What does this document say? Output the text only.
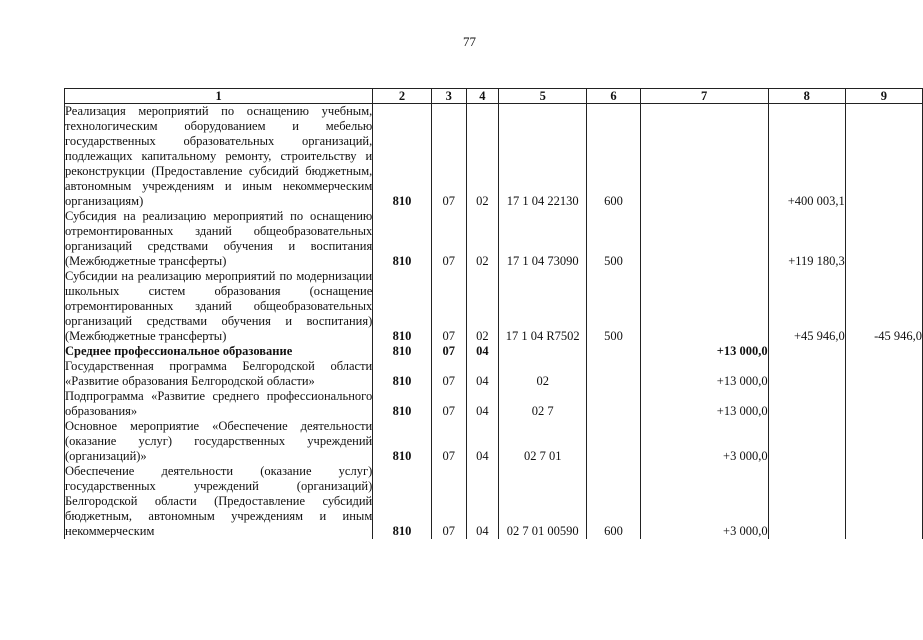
77
1	2	3	4	5	6	7	8	9
Реализация мероприятий по оснащению учебным, технологическим оборудованием и мебелью государственных образовательных организаций, подлежащих капитальному ремонту, строительству и реконструкции (Предоставление субсидий бюджетным, автономным учреждениям и иным некоммерческим организациям)	810	07	02	17 1 04 22130	600		+400 003,1	
Субсидия на реализацию мероприятий по оснащению отремонтированных зданий общеобразовательных организаций средствами обучения и воспитания (Межбюджетные трансферты)	810	07	02	17 1 04 73090	500		+119 180,3	
Субсидии на реализацию мероприятий по модернизации школьных систем образования (оснащение отремонтированных зданий общеобразовательных организаций средствами обучения и воспитания) (Межбюджетные трансферты)	810	07	02	17 1 04 R7502	500		+45 946,0	-45 946,0
Среднее профессиональное образование	810	07	04			+13 000,0		
Государственная программа Белгородской области «Развитие образования Белгородской области»	810	07	04	02		+13 000,0		
Подпрограмма «Развитие среднего профессионального образования»	810	07	04	02 7		+13 000,0		
Основное мероприятие «Обеспечение деятельности (оказание услуг) государственных учреждений (организаций)»	810	07	04	02 7 01		+3 000,0		
Обеспечение деятельности (оказание услуг) государственных учреждений (организаций) Белгородской области (Предоставление субсидий бюджетным, автономным учреждениям и иным некоммерческим	810	07	04	02 7 01 00590	600	+3 000,0		
